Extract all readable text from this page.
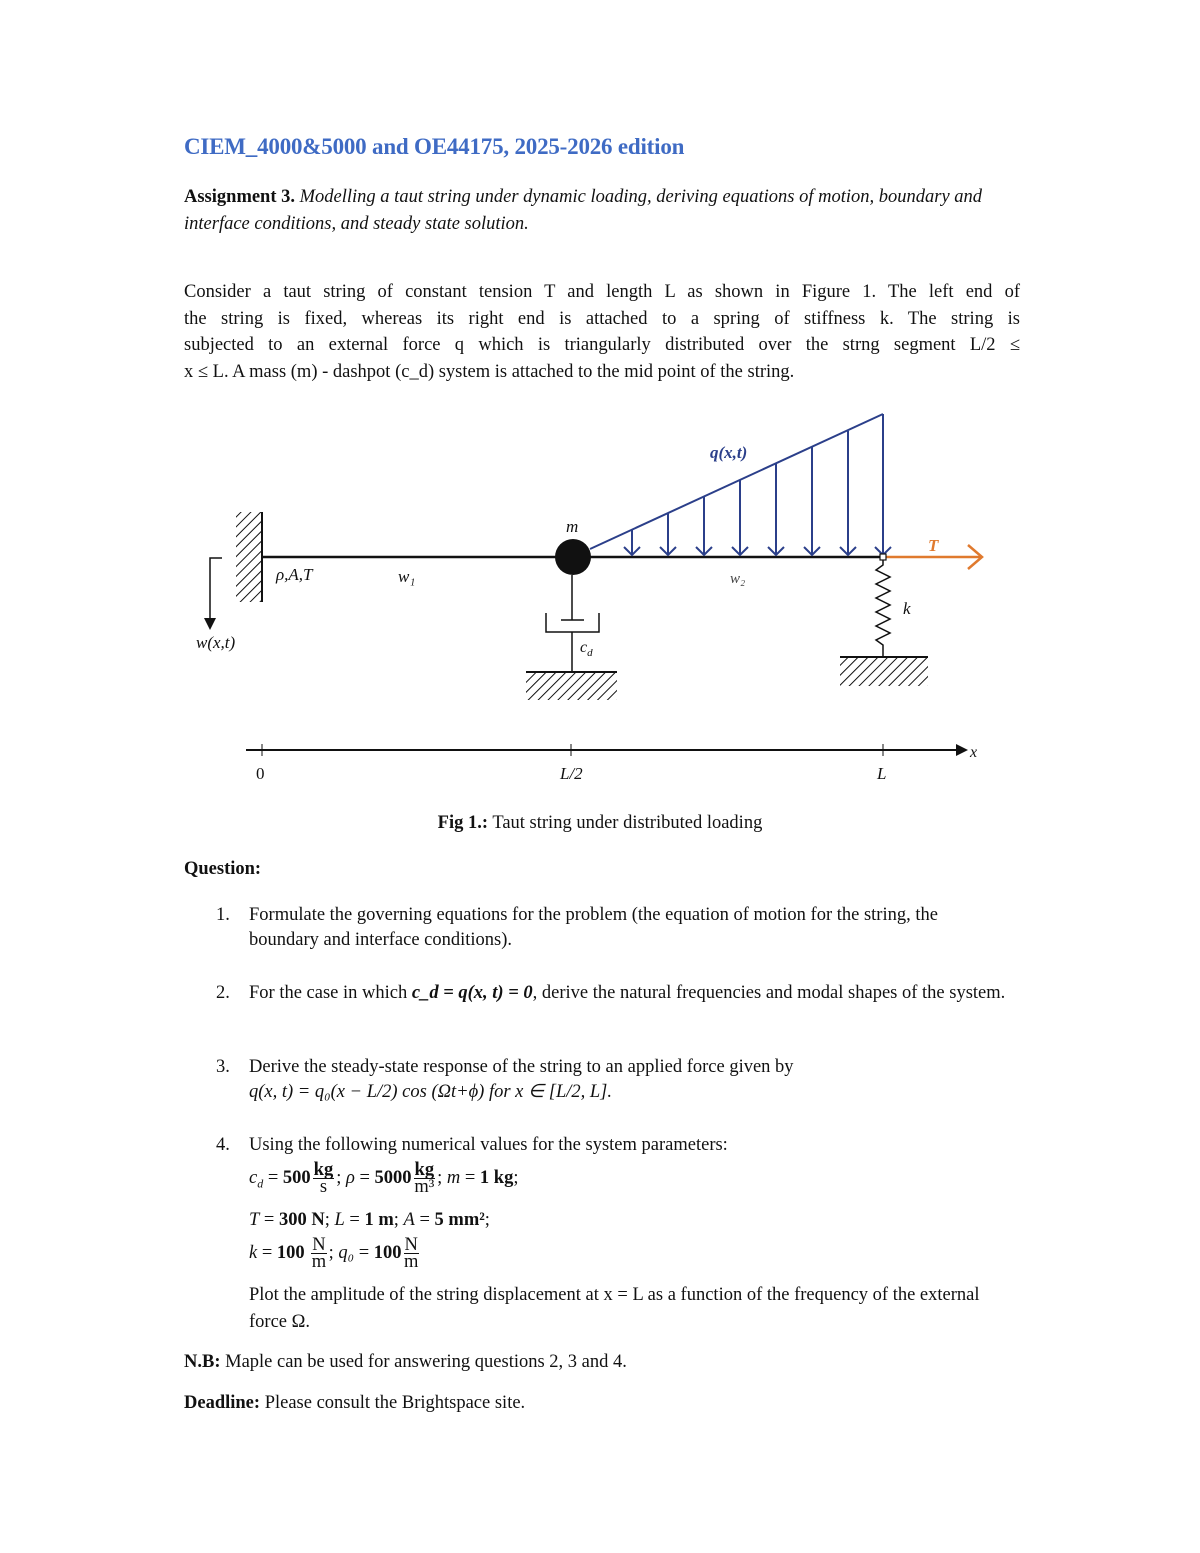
CIEM_4000&5000 and OE44175, 2025-2026 edition
Assignment 3. Modelling a taut string under dynamic loading, deriving equations of motion, boundary and interface conditions, and steady state solution.
Consider a taut string of constant tension T and length L as shown in Figure 1. The left end of
the string is fixed, whereas its right end is attached to a spring of stiffness k. The string is
subjected to an external force q which is triangularly distributed over the strng segment L/2 ≤
x ≤ L. A mass (m) - dashpot (c_d) system is attached to the mid point of the string.
w(x,t)
ρ,A,T	w₁	w₂
q(x,t)
T
m
$c_d$
k
x
0	L/2	L
Fig 1.: Taut string under distributed loading
Question:
1. Formulate the governing equations for the problem (the equation of motion for the string, the boundary and interface conditions).
2. For the case in which c_d = q(x, t) = 0, derive the natural frequencies and modal shapes of the system.
3. Derive the steady-state response of the string to an applied force given by
q(x, t) = q₀(x − L/2) cos (Ωt+ϕ) for x ∈ [L/2, L].
4. Using the following numerical values for the system parameters:
$c_d = 500 \frac{kg}{s}$ ; $\rho = 5000 \frac{kg}{\text{m³}}$ ; m = 1 kg;
T = 300 N; L = 1 m; A = 5 mm²;
$k = 100 \frac{N}{m}$ ; $q_0 = 100 \frac{N}{m}$
Plot the amplitude of the string displacement at x = L as a function of the frequency of the external force Ω.
N.B: Maple can be used for answering questions 2, 3 and 4.
Deadline: Please consult the Brightspace site.
